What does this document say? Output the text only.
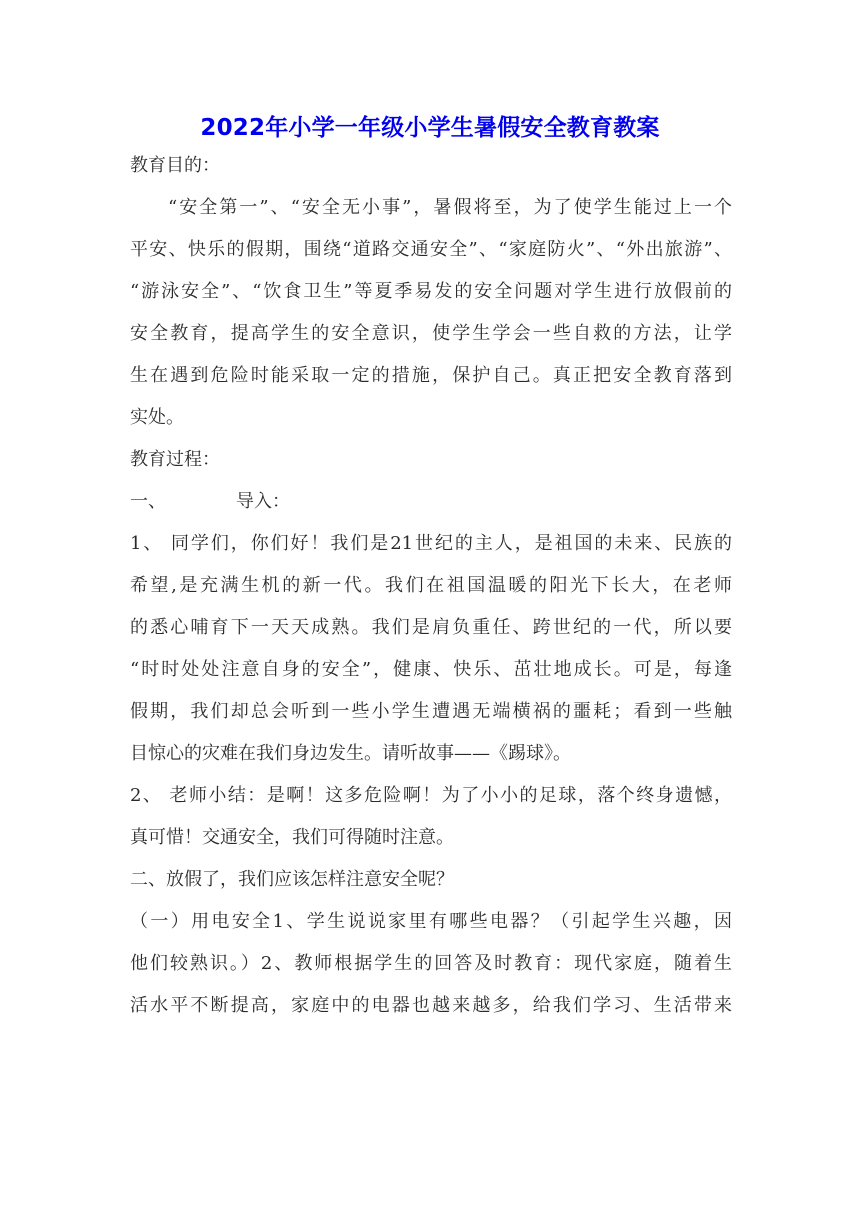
2022年小学一年级小学生暑假安全教育教案
教育目的：
“安全第一”、“安全无小事”，暑假将至，为了使学生能过上一个
平安、快乐的假期，围绕“道路交通安全”、“家庭防火”、“外出旅游”、
“游泳安全”、“饮食卫生”等夏季易发的安全问题对学生进行放假前的
安全教育，提高学生的安全意识，使学生学会一些自救的方法，让学
生在遇到危险时能采取一定的措施，保护自己。真正把安全教育落到
实处。
教育过程：
一、	导入：
1、 同学们，你们好！我们是21世纪的主人，是祖国的未来、民族的
希望,是充满生机的新一代。我们在祖国温暖的阳光下长大，在老师
的悉心哺育下一天天成熟。我们是肩负重任、跨世纪的一代，所以要
“时时处处注意自身的安全”，健康、快乐、茁壮地成长。可是，每逢
假期，我们却总会听到一些小学生遭遇无端横祸的噩耗；看到一些触
目惊心的灾难在我们身边发生。请听故事——《踢球》。
2、 老师小结：是啊！这多危险啊！为了小小的足球，落个终身遗憾，
真可惜！交通安全，我们可得随时注意。
二、放假了，我们应该怎样注意安全呢？
（一）用电安全1、学生说说家里有哪些电器？（引起学生兴趣，因
他们较熟识。）2、教师根据学生的回答及时教育：现代家庭，随着生
活水平不断提高，家庭中的电器也越来越多，给我们学习、生活带来
